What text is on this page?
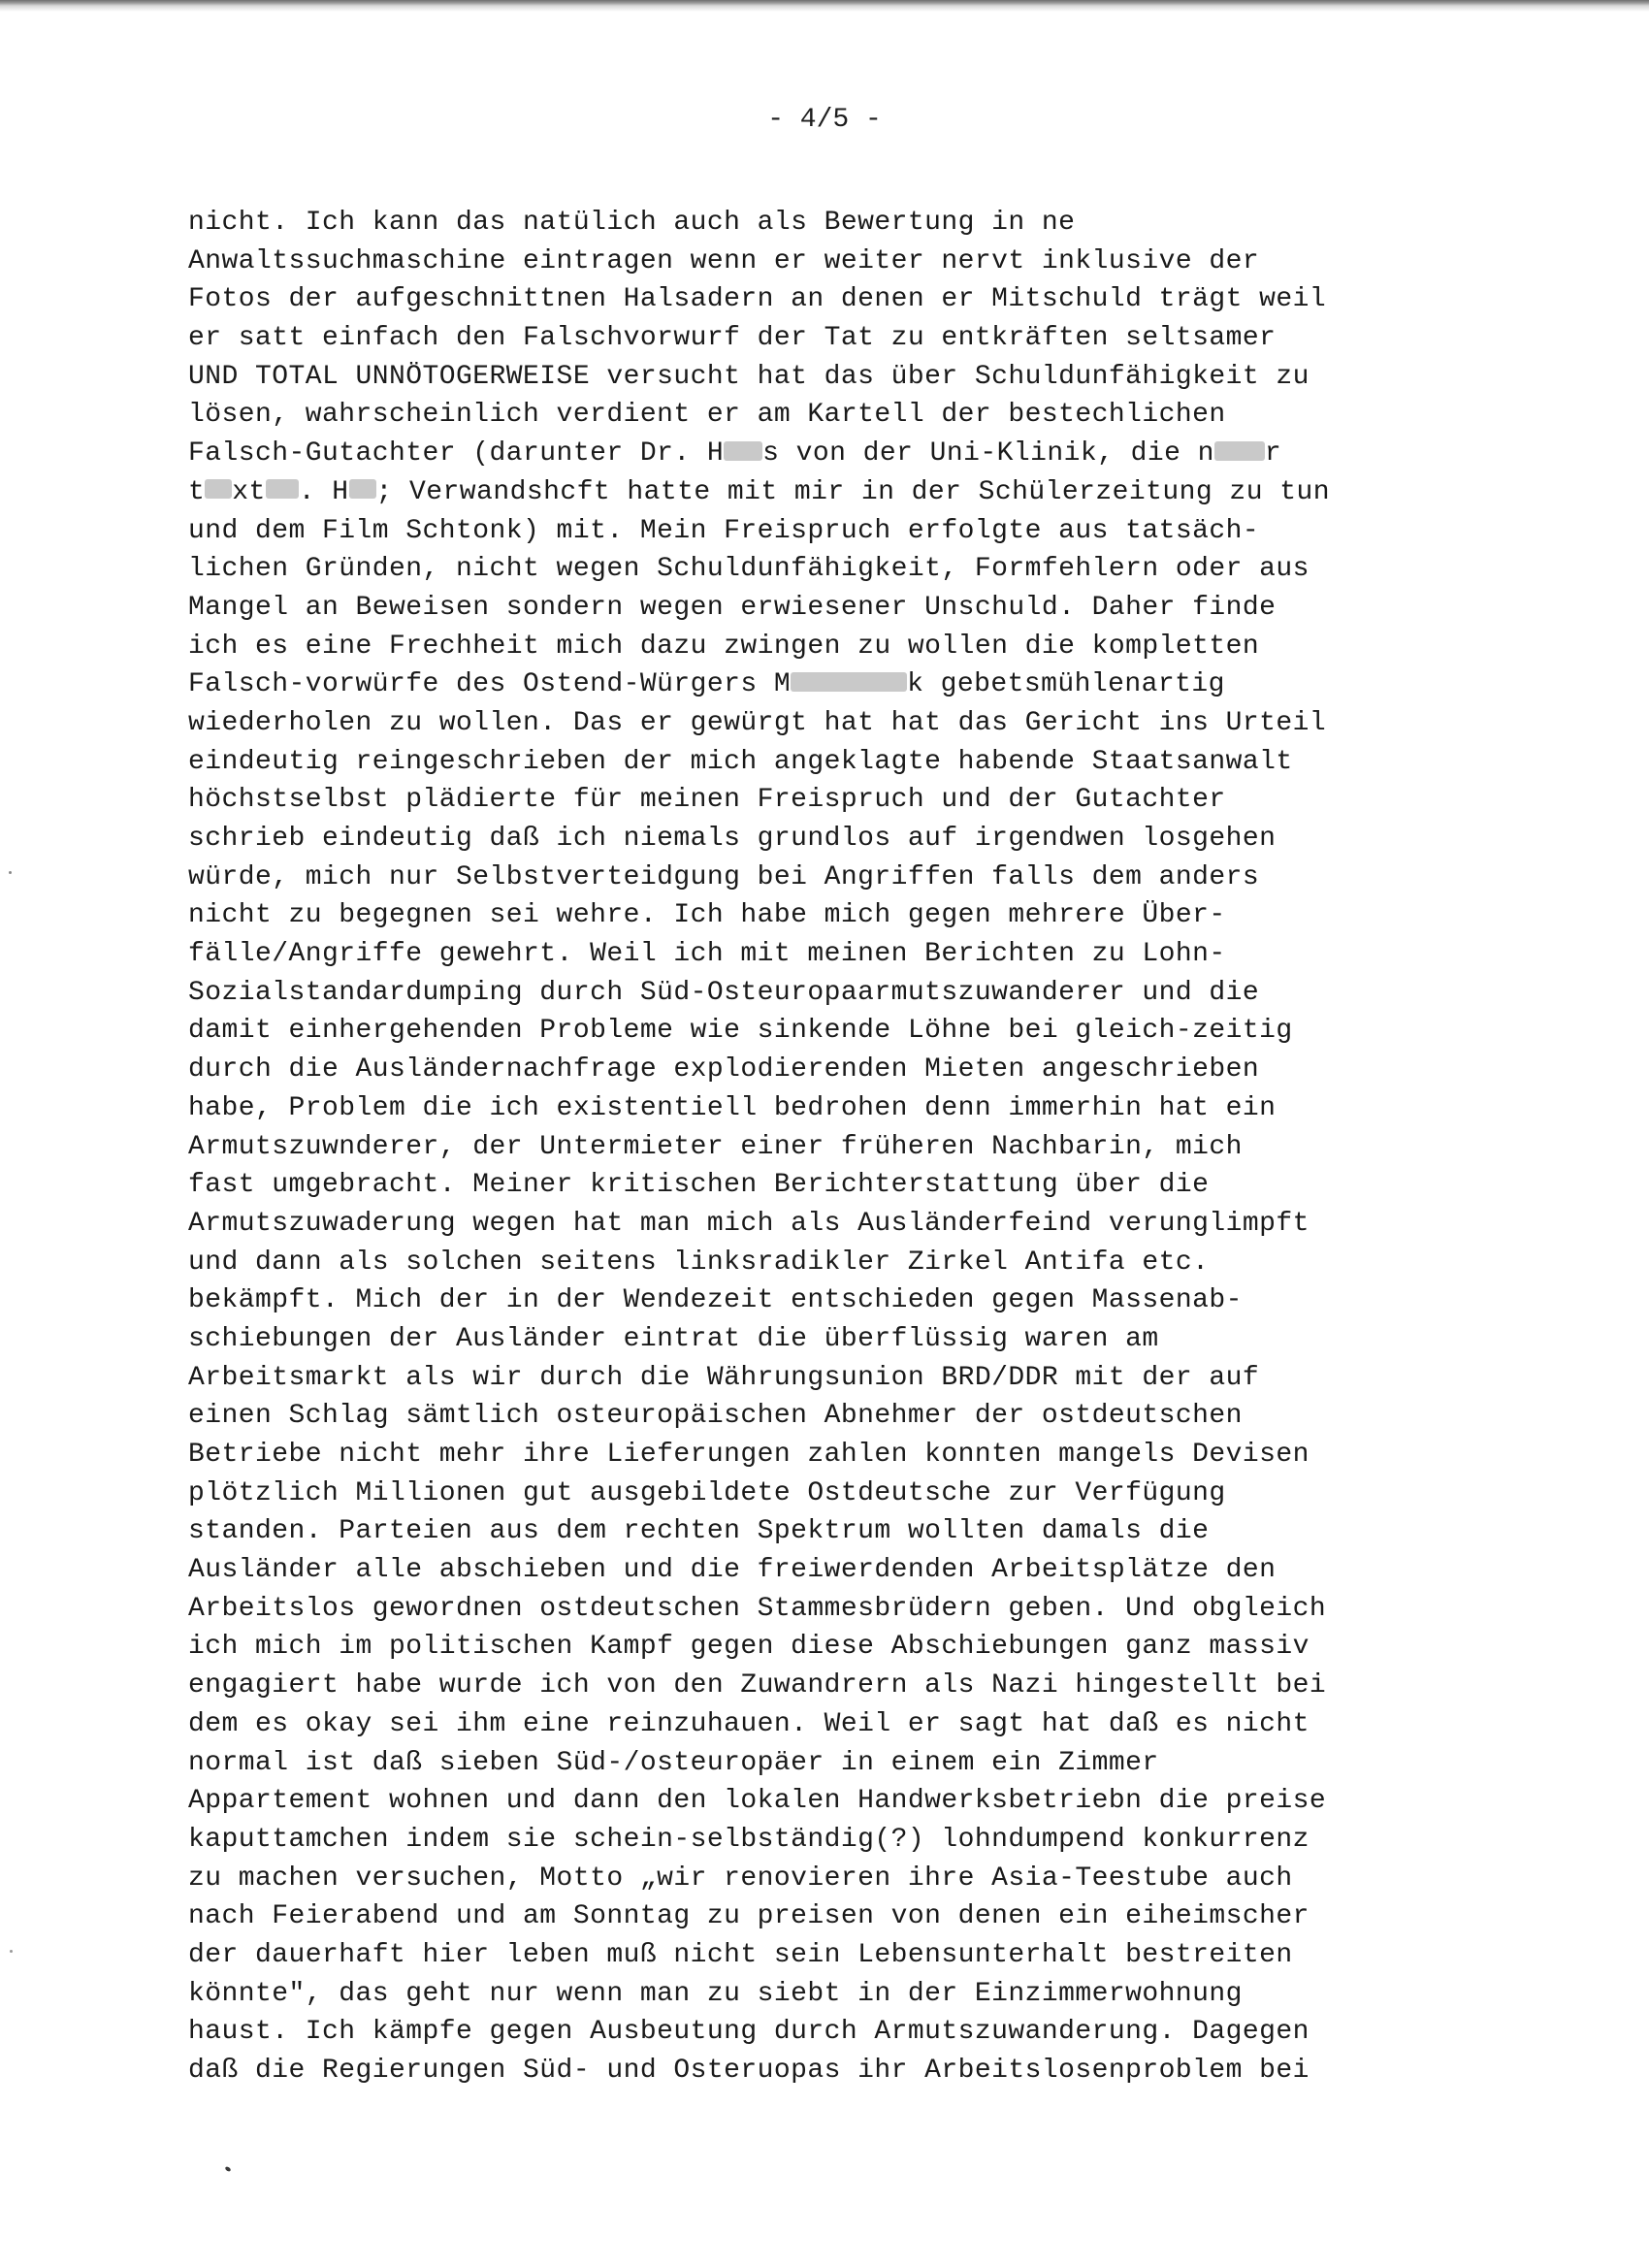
- 4/5 -
nicht. Ich kann das natülich auch als Bewertung in ne
Anwaltssuchmaschine eintragen wenn er weiter nervt inklusive der
Fotos der aufgeschnittnen Halsadern an denen er Mitschuld trägt weil
er satt einfach den Falschvorwurf der Tat zu entkräften seltsamer
UND TOTAL UNNÖTOGERWEISE versucht hat das über Schuldunfähigkeit zu
lösen, wahrscheinlich verdient er am Kartell der bestechlichen
Falsch-Gutachter (darunter Dr. H s von der Uni-Klinik, die n r
t xt . H ; Verwandshcft hatte mit mir in der Schülerzeitung zu tun
und dem Film Schtonk) mit. Mein Freispruch erfolgte aus tatsäch-
lichen Gründen, nicht wegen Schuldunfähigkeit, Formfehlern oder aus
Mangel an Beweisen sondern wegen erwiesener Unschuld. Daher finde
ich es eine Frechheit mich dazu zwingen zu wollen die kompletten
Falsch-vorwürfe des Ostend-Würgers M	k gebetsmühlenartig
wiederholen zu wollen. Das er gewürgt hat hat das Gericht ins Urteil
eindeutig reingeschrieben der mich angeklagte habende Staatsanwalt
höchstselbst plädierte für meinen Freispruch und der Gutachter
schrieb eindeutig daß ich niemals grundlos auf irgendwen losgehen
würde, mich nur Selbstverteidgung bei Angriffen falls dem anders
nicht zu begegnen sei wehre. Ich habe mich gegen mehrere Über-
fälle/Angriffe gewehrt. Weil ich mit meinen Berichten zu Lohn-
Sozialstandardumping durch Süd-Osteuropaarmutszuwanderer und die
damit einhergehenden Probleme wie sinkende Löhne bei gleich-zeitig
durch die Ausländernachfrage explodierenden Mieten angeschrieben
habe, Problem die ich existentiell bedrohen denn immerhin hat ein
Armutszuwnderer, der Untermieter einer früheren Nachbarin, mich
fast umgebracht. Meiner kritischen Berichterstattung über die
Armutszuwaderung wegen hat man mich als Ausländerfeind verunglimpft
und dann als solchen seitens linksradikler Zirkel Antifa etc.
bekämpft. Mich der in der Wendezeit entschieden gegen Massenab-
schiebungen der Ausländer eintrat die überflüssig waren am
Arbeitsmarkt als wir durch die Währungsunion BRD/DDR mit der auf
einen Schlag sämtlich osteuropäischen Abnehmer der ostdeutschen
Betriebe nicht mehr ihre Lieferungen zahlen konnten mangels Devisen
plötzlich Millionen gut ausgebildete Ostdeutsche zur Verfügung
standen. Parteien aus dem rechten Spektrum wollten damals die
Ausländer alle abschieben und die freiwerdenden Arbeitsplätze den
Arbeitslos gewordnen ostdeutschen Stammesbrüdern geben. Und obgleich
ich mich im politischen Kampf gegen diese Abschiebungen ganz massiv
engagiert habe wurde ich von den Zuwandrern als Nazi hingestellt bei
dem es okay sei ihm eine reinzuhauen. Weil er sagt hat daß es nicht
normal ist daß sieben Süd-/osteuropäer in einem ein Zimmer
Appartement wohnen und dann den lokalen Handwerksbetriebn die preise
kaputtamchen indem sie schein-selbständig(?) lohndumpend konkurrenz
zu machen versuchen, Motto „wir renovieren ihre Asia-Teestube auch
nach Feierabend und am Sonntag zu preisen von denen ein eiheimscher
der dauerhaft hier leben muß nicht sein Lebensunterhalt bestreiten
könnte", das geht nur wenn man zu siebt in der Einzimmerwohnung
haust. Ich kämpfe gegen Ausbeutung durch Armutszuwanderung. Dagegen
daß die Regierungen Süd- und Osteruopas ihr Arbeitslosenproblem bei
